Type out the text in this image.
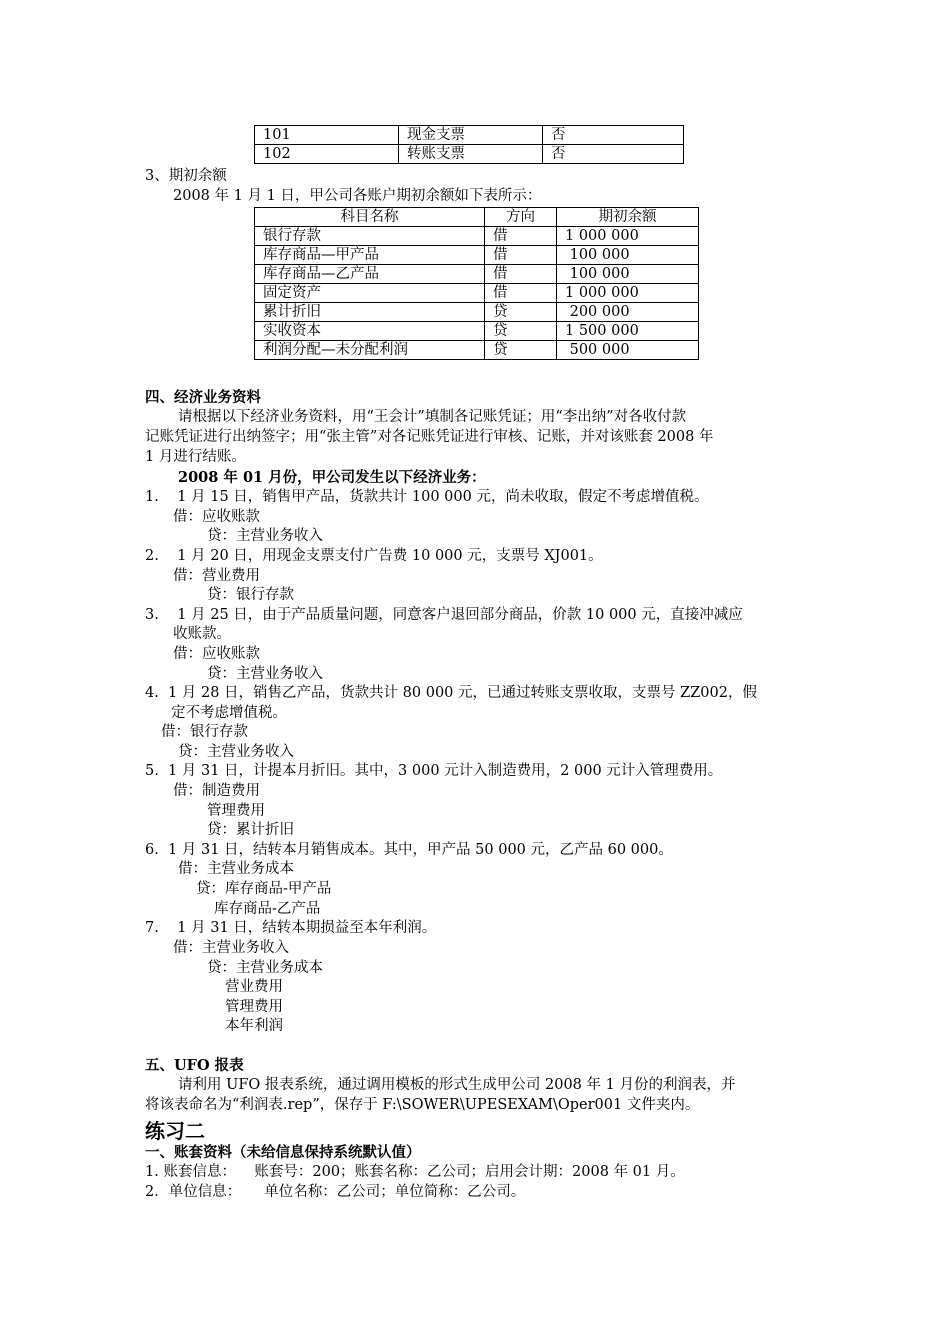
101	现金支票	否
102	转账支票	否
3、期初余额
2008 年 1 月 1 日，甲公司各账户期初余额如下表所示：
科目名称	方向	期初余额
银行存款	借	1 000 000
库存商品—甲产品	借	100 000
库存商品—乙产品	借	100 000
固定资产	借	1 000 000
累计折旧	贷	200 000
实收资本	贷	1 500 000
利润分配—未分配利润	贷	500 000
四、经济业务资料
请根据以下经济业务资料，用“王会计”填制各记账凭证；用“李出纳”对各收付款
记账凭证进行出纳签字；用“张主管”对各记账凭证进行审核、记账，并对该账套 2008 年
1 月进行结账。
2008 年 01 月份，甲公司发生以下经济业务：
1.    1 月 15 日，销售甲产品，货款共计 100 000 元，尚未收取，假定不考虑增值税。
借：应收账款
贷：主营业务收入
2.    1 月 20 日，用现金支票支付广告费 10 000 元，支票号 XJ001。
借：营业费用
贷：银行存款
3.    1 月 25 日，由于产品质量问题，同意客户退回部分商品，价款 10 000 元，直接冲减应
收账款。
借：应收账款
贷：主营业务收入
4.  1 月 28 日，销售乙产品，货款共计 80 000 元，已通过转账支票收取，支票号 ZZ002，假
定不考虑增值税。
借：银行存款
贷：主营业务收入
5.  1 月 31 日，计提本月折旧。其中，3 000 元计入制造费用，2 000 元计入管理费用。
借：制造费用
管理费用
贷：累计折旧
6.  1 月 31 日，结转本月销售成本。其中，甲产品 50 000 元，乙产品 60 000。
借：主营业务成本
贷：库存商品-甲产品
库存商品-乙产品
7.    1 月 31 日，结转本期损益至本年利润。
借：主营业务收入
贷：主营业务成本
营业费用
管理费用
本年利润
五、UFO 报表
请利用 UFO 报表系统，通过调用模板的形式生成甲公司 2008 年 1 月份的利润表，并
将该表命名为“利润表.rep”，保存于 F:\SOWER\UPESEXAM\Oper001 文件夹内。
练习二
一、账套资料（未给信息保持系统默认值）
1. 账套信息：    账套号：200；账套名称：乙公司；启用会计期：2008 年 01 月。
2．单位信息：     单位名称：乙公司；单位简称：乙公司。
